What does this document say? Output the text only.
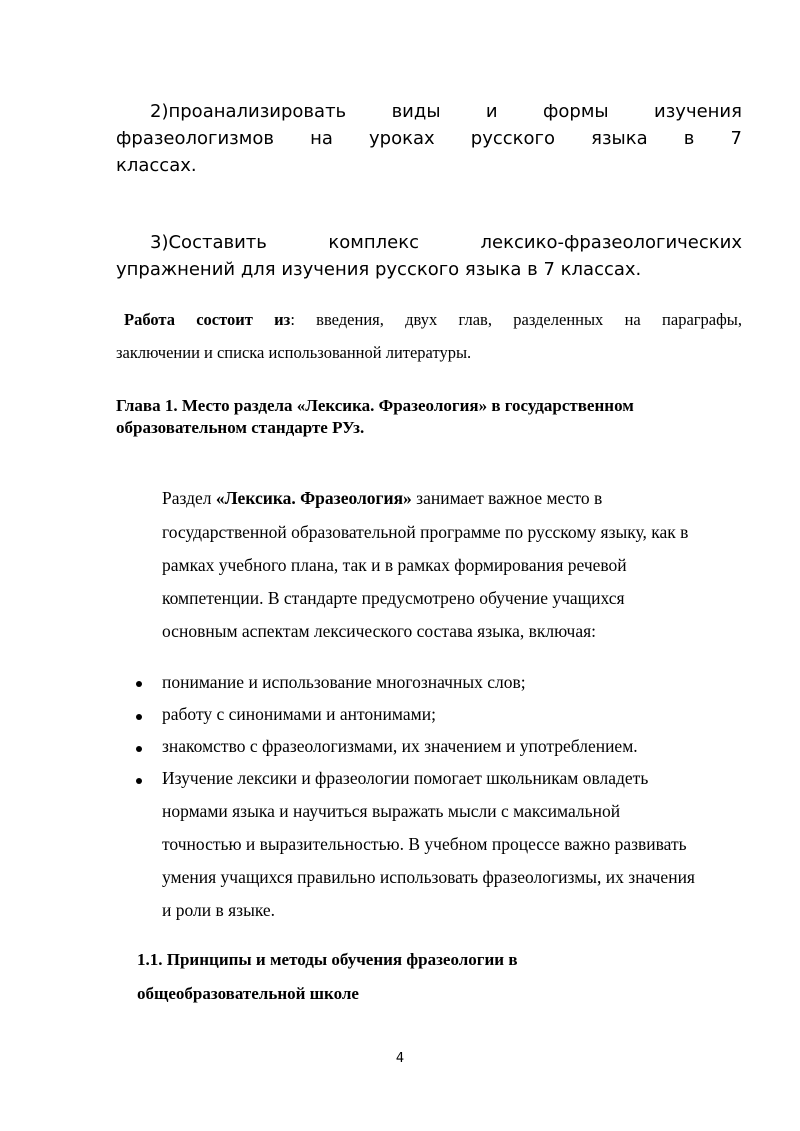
2)проанализировать	виды	и	формы	изучения
фразеологизмов на уроках русского языка в 7
классах.
3)Составить	комплекс	лексико-фразеологических
упражнений для изучения русского языка в 7 классах.
Работа состоит из: введения, двух глав, разделенных на параграфы,
заключении и списка использованной литературы.
Глава 1. Место раздела «Лексика. Фразеология» в государственном
образовательном стандарте РУз.
Раздел «Лексика. Фразеология» занимает важное место в
государственной образовательной программе по русскому языку, как в
рамках учебного плана, так и в рамках формирования речевой
компетенции. В стандарте предусмотрено обучение учащихся
основным аспектам лексического состава языка, включая:
понимание и использование многозначных слов;
работу с синонимами и антонимами;
знакомство с фразеологизмами, их значением и употреблением.
Изучение лексики и фразеологии помогает школьникам овладеть
нормами языка и научиться выражать мысли с максимальной
точностью и выразительностью. В учебном процессе важно развивать
умения учащихся правильно использовать фразеологизмы, их значения
и роли в языке.
1.1. Принципы и методы обучения фразеологии в
общеобразовательной школе
4
